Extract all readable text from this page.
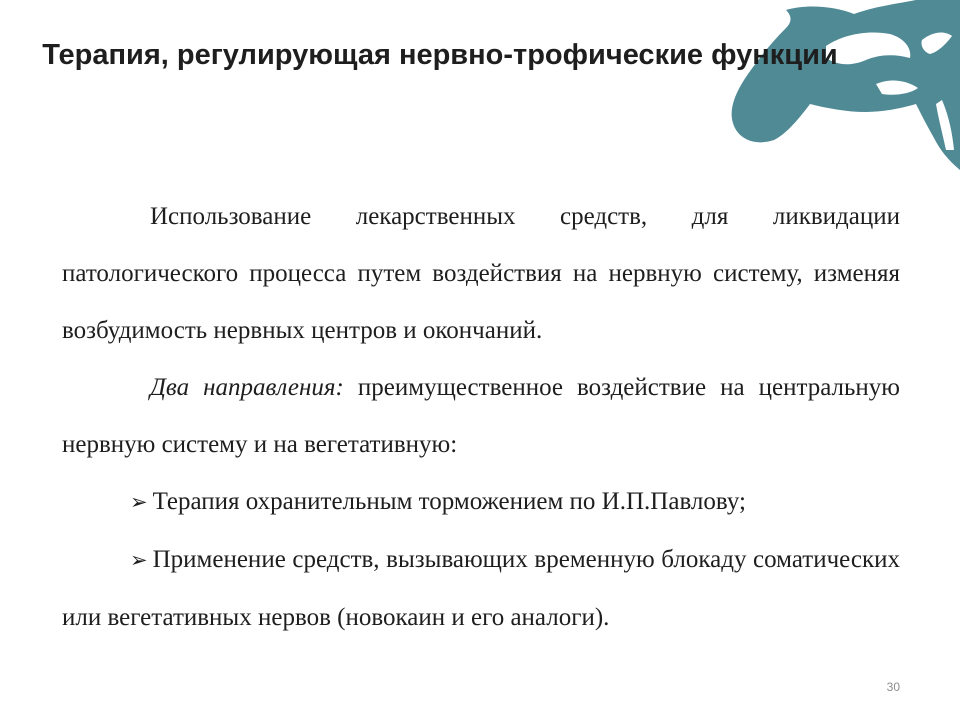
Терапия, регулирующая нервно-трофические функции

Использование лекарственных средств, для ликвидации патологического процесса путем воздействия на нервную систему, изменяя возбудимость нервных центров и окончаний.

Два направления: преимущественное воздействие на центральную нервную систему и на вегетативную:

➢ Терапия охранительным торможением по И.П.Павлову;

➢ Применение средств, вызывающих временную блокаду соматических или вегетативных нервов (новокаин и его аналоги).

30
